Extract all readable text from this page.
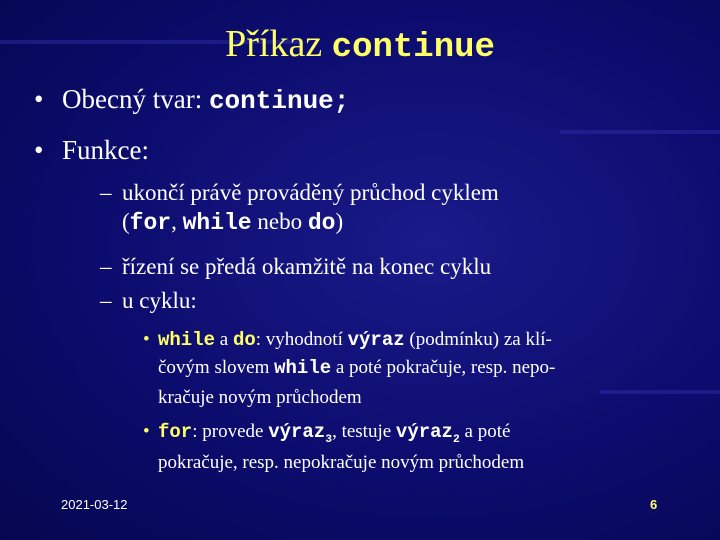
Příkaz continue
• Obecný tvar: continue;
• Funkce:
– ukončí právě prováděný průchod cyklem
(for, while nebo do)
– řízení se předá okamžitě na konec cyklu
– u cyklu:
• while a do: vyhodnotí výraz (podmínku) za klí-
čovým slovem while a poté pokračuje, resp. nepo-
kračuje novým průchodem
• for: provede výraz$_3$, testuje výraz$_2$ a poté
pokračuje, resp. nepokračuje novým průchodem
2021-03-12	6
